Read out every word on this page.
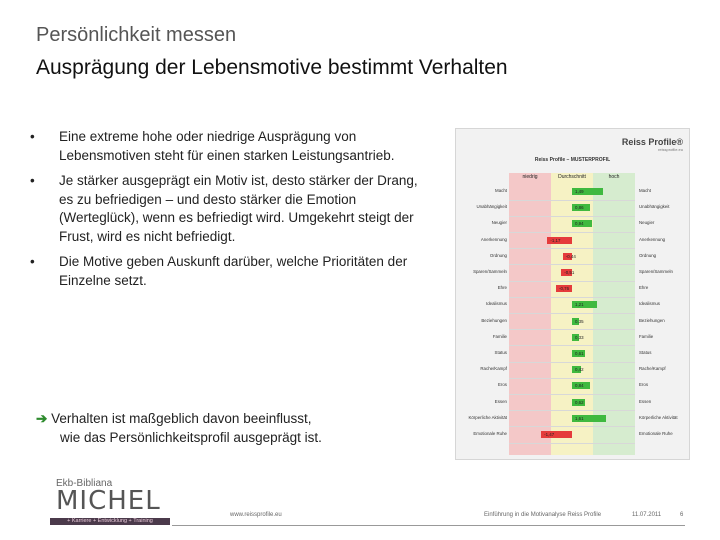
Persönlichkeit messen
Ausprägung der Lebensmotive bestimmt Verhalten
• Eine extreme hohe oder niedrige Ausprägung von Lebensmotiven steht für einen starken Leistungsantrieb.
• Je stärker ausgeprägt ein Motiv ist, desto stärker der Drang, es zu befriedigen – und desto stärker die Emotion (Werteglück), wenn es befriedigt wird. Umgekehrt steigt der Frust, wird es nicht befriedigt.
• Die Motive geben Auskunft darüber, welche Prioritäten der Einzelne setzt.
➔ Verhalten ist maßgeblich davon beeinflusst,
wie das Persönlichkeitsprofil ausgeprägt ist.
Reiss Profile®
reissprofile.eu
Reiss Profile – MUSTERPROFIL
niedrig	Durchschnitt	hoch
Macht	Macht
1,49
Unabhängigkeit	Unabhängigkeit
0,86
Neugier	Neugier
0,94
Anerkennung	Anerkennung
-1,17
Ordnung	Ordnung
-0,44
Sparen/Sammeln	Sparen/Sammeln
-0,51
Ehre	Ehre
-0,76
Idealismus	Idealismus
1,21
Beziehungen	Beziehungen
0,35
Familie	Familie
0,33
Status	Status
0,61
Rache/Kampf	Rache/Kampf
0,42
Eros	Eros
0,84
Essen	Essen
0,62
Körperliche Aktivität	Körperliche Aktivität
1,61
Emotionale Ruhe	Emotionale Ruhe
-1,47
Ekb-Bibliana
MICHEL
+ Karriere + Entwicklung + Training
www.reissprofile.eu	Einführung in die Motivanalyse Reiss Profile	11.07.2011	6
